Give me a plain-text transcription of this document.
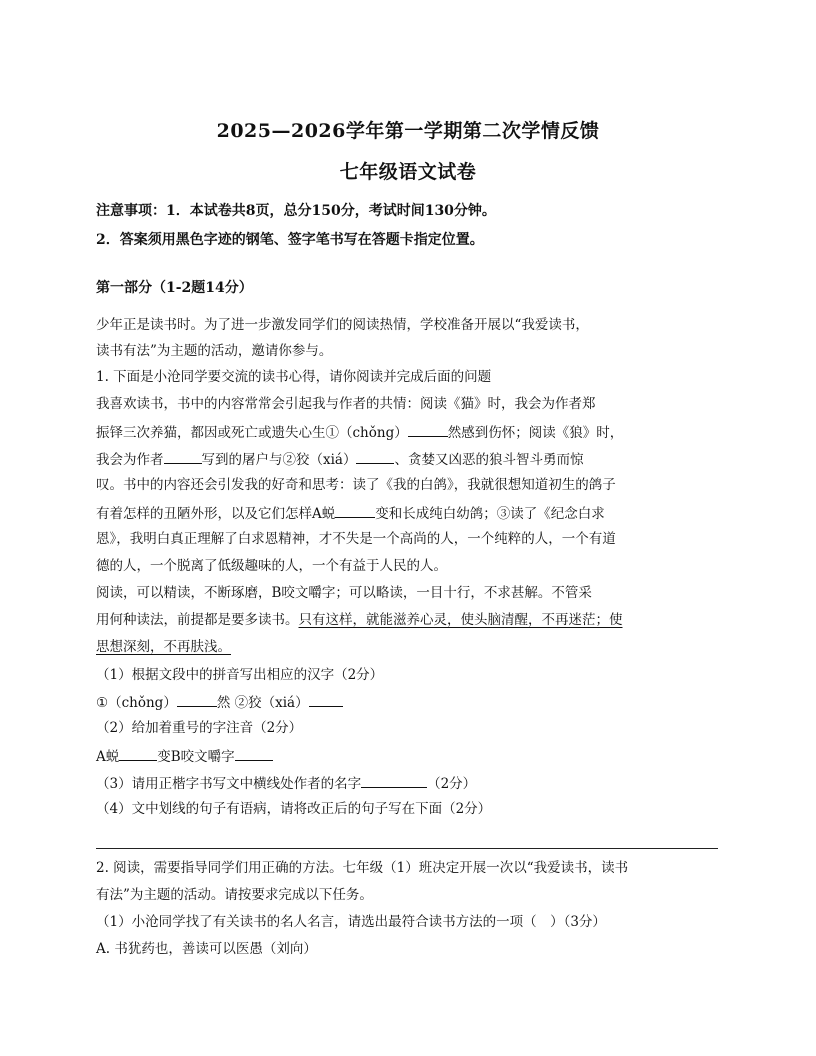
2025—2026学年第一学期第二次学情反馈
七年级语文试卷
注意事项：1．本试卷共8页，总分150分，考试时间130分钟。
2．答案须用黑色字迹的钢笔、签字笔书写在答题卡指定位置。
第一部分（1-2题14分）
少年正是读书时。为了进一步激发同学们的阅读热情，学校准备开展以“我爱读书，
读书有法”为主题的活动，邀请你参与。
1. 下面是小沧同学要交流的读书心得，请你阅读并完成后面的问题
我喜欢读书，书中的内容常常会引起我与作者的共情：阅读《猫》时，我会为作者郑
振铎三次养猫，都因或死亡或遗失心生①（chǒng）	然感到伤怀；阅读《狼》时，
我会为作者	写到的屠户与②狡（xiá）	、贪婪又凶恶的狼斗智斗勇而惊
叹。书中的内容还会引发我的好奇和思考：读了《我的白鸽》，我就很想知道初生的鸽子
有着怎样的丑陋外形，以及它们怎样A蜕	变和长成纯白幼鸽；③读了《纪念白求
恩》，我明白真正理解了白求恩精神，才不失是一个高尚的人，一个纯粹的人，一个有道
德的人，一个脱离了低级趣味的人，一个有益于人民的人。
阅读，可以精读，不断琢磨，B咬文嚼字；可以略读，一目十行，不求甚解。不管采
用何种读法，前提都是要多读书。只有这样，就能滋养心灵，使头脑清醒，不再迷茫；使
思想深刻，不再肤浅。
（1）根据文段中的拼音写出相应的汉字（2分）
①（chǒng）	然 ②狡（xiá）
（2）给加着重号的字注音（2分）
A蜕	变B咬文嚼字
（3）请用正楷字书写文中横线处作者的名字	（2分）
（4）文中划线的句子有语病，请将改正后的句子写在下面（2分）
2. 阅读，需要指导同学们用正确的方法。七年级（1）班决定开展一次以“我爱读书，读书
有法”为主题的活动。请按要求完成以下任务。
（1）小沧同学找了有关读书的名人名言，请选出最符合读书方法的一项（　）（3分）
A. 书犹药也，善读可以医愚（刘向）
